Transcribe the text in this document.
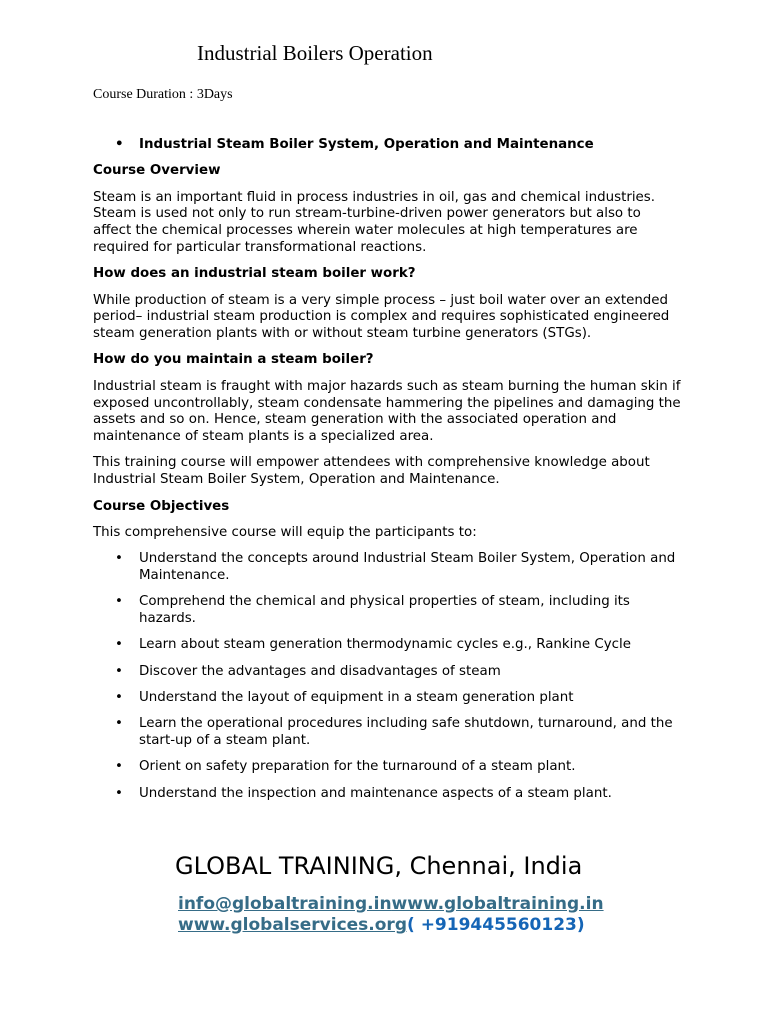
Industrial Boilers Operation
Course Duration : 3Days
• Industrial Steam Boiler System, Operation and Maintenance
Course Overview

Steam is an important fluid in process industries in oil, gas and chemical industries. Steam is used not only to run stream-turbine-driven power generators but also to affect the chemical processes wherein water molecules at high temperatures are required for particular transformational reactions.

How does an industrial steam boiler work?

While production of steam is a very simple process – just boil water over an extended period– industrial steam production is complex and requires sophisticated engineered steam generation plants with or without steam turbine generators (STGs).

How do you maintain a steam boiler?

Industrial steam is fraught with major hazards such as steam burning the human skin if exposed uncontrollably, steam condensate hammering the pipelines and damaging the assets and so on. Hence, steam generation with the associated operation and maintenance of steam plants is a specialized area.

This training course will empower attendees with comprehensive knowledge about Industrial Steam Boiler System, Operation and Maintenance.

Course Objectives

This comprehensive course will equip the participants to:

• Understand the concepts around Industrial Steam Boiler System, Operation and Maintenance.
• Comprehend the chemical and physical properties of steam, including its hazards.
• Learn about steam generation thermodynamic cycles e.g., Rankine Cycle
• Discover the advantages and disadvantages of steam
• Understand the layout of equipment in a steam generation plant
• Learn the operational procedures including safe shutdown, turnaround, and the start-up of a steam plant.
• Orient on safety preparation for the turnaround of a steam plant.
• Understand the inspection and maintenance aspects of a steam plant.
GLOBAL TRAINING, Chennai, India
info@globaltraining.inwww.globaltraining.in
www.globalservices.org( +919445560123)
